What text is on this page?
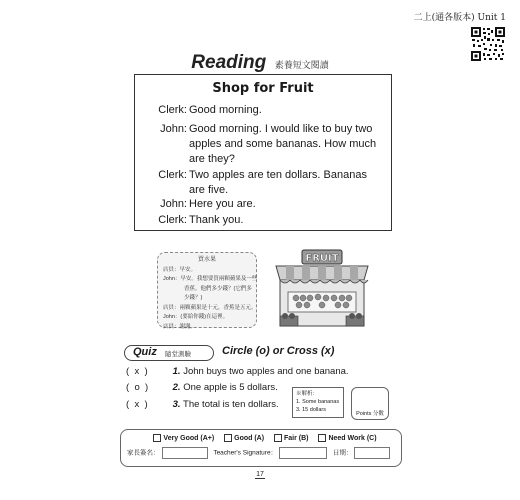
二上(通各版本) Unit 1
Reading 素養短文閱讀
Shop for Fruit
Clerk: Good morning.
John: Good morning. I would like to buy two apples and some bananas. How much are they?
Clerk: Two apples are ten dollars. Bananas are five.
John: Here you are.
Clerk: Thank you.
買水果
店員：早安。
John：早安。我想要買兩顆蘋果及一些
香蕉。他們多少錢？(它們多
少錢？)
店員：兩顆蘋果是十元，香蕉是五元。
John：(要給你錢)在這裡。
店員：謝謝。
FRUIT
Quiz 隨堂測驗	Circle (o) or Cross (x)
(  x  )	1. John buys two apples and one banana.
(  o  )	2. One apple is 5 dollars.
(  x  )	3. The total is ten dollars.
※解析：
1. Some bananas
3. 15 dollars
Points 分數
Very Good (A+)	Good (A)	Fair (B)	Need Work (C)
家長簽名：	Teacher's Signature：	日期：
17
